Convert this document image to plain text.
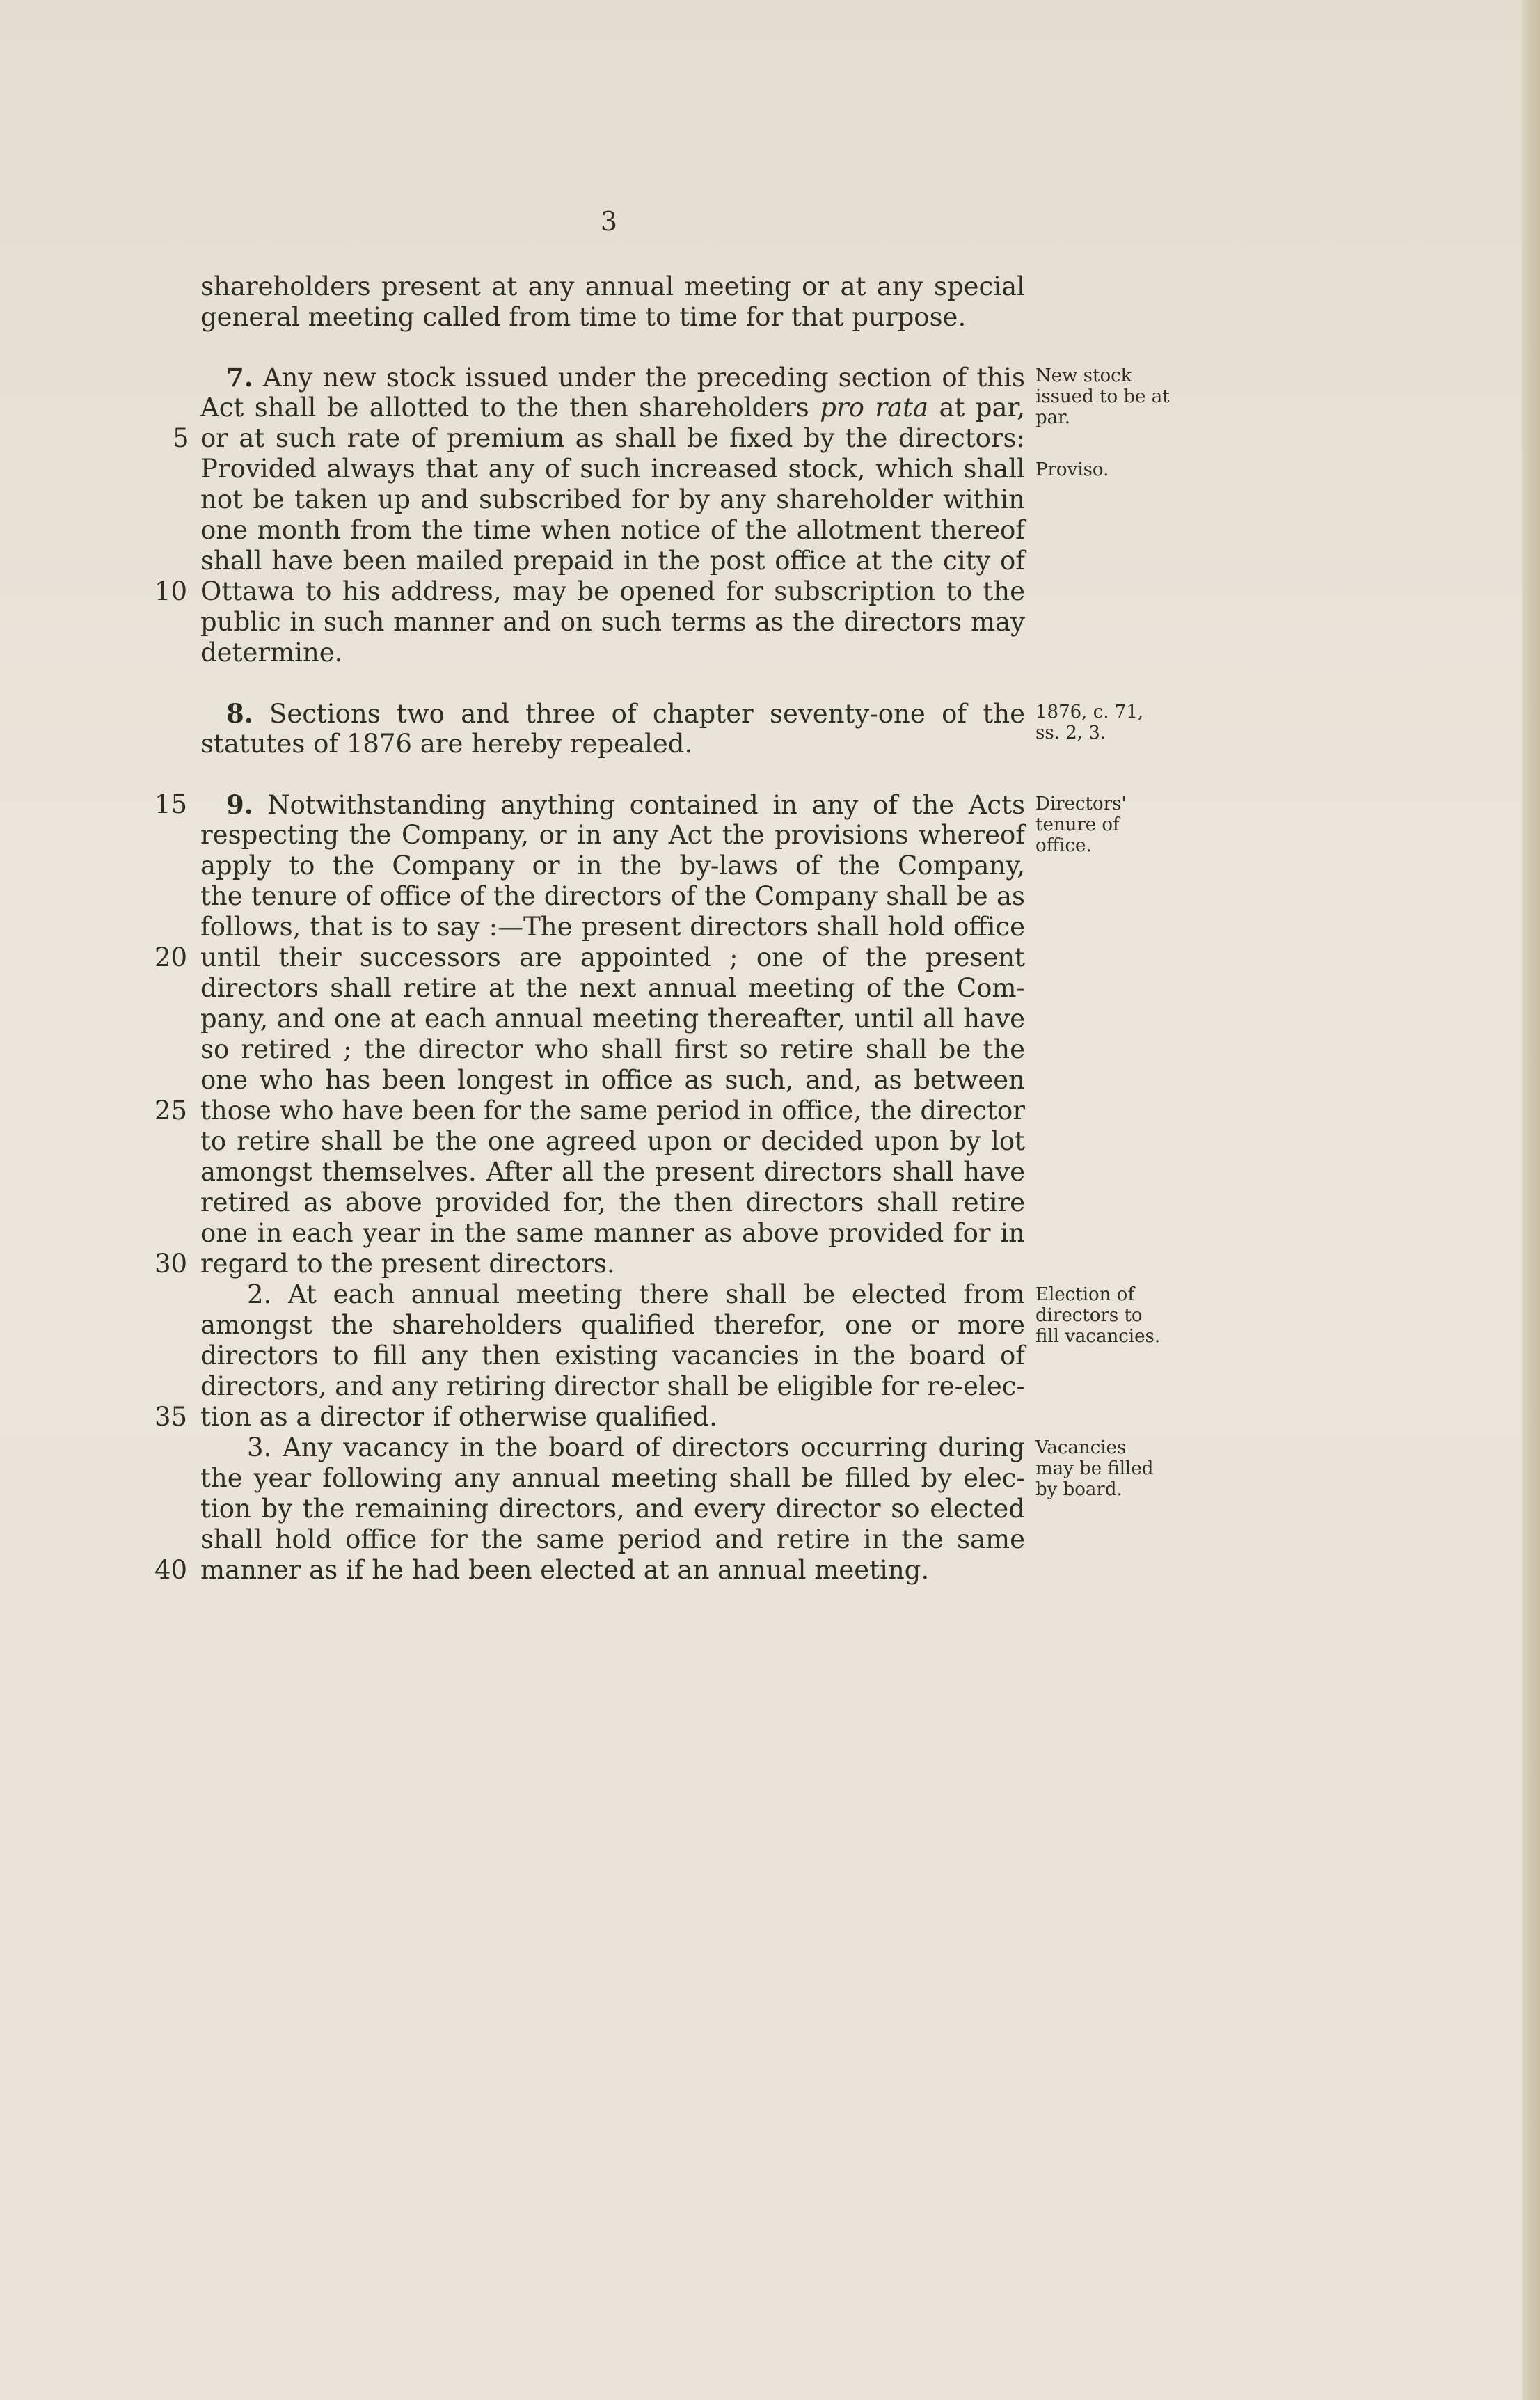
3
shareholders present at any annual meeting or at any special
general meeting called from time to time for that purpose.
7. Any new stock issued under the preceding section of this
Act shall be allotted to the then shareholders pro rata at par,
or at such rate of premium as shall be fixed by the directors:
Provided always that any of such increased stock, which shall
not be taken up and subscribed for by any shareholder within
one month from the time when notice of the allotment thereof
shall have been mailed prepaid in the post office at the city of
Ottawa to his address, may be opened for subscription to the
public in such manner and on such terms as the directors may
determine.
8. Sections two and three of chapter seventy-one of the
statutes of 1876 are hereby repealed.
9. Notwithstanding anything contained in any of the Acts
respecting the Company, or in any Act the provisions whereof
apply to the Company or in the by-laws of the Company,
the tenure of office of the directors of the Company shall be as
follows, that is to say :—The present directors shall hold office
until their successors are appointed ; one of the present
directors shall retire at the next annual meeting of the Com-
pany, and one at each annual meeting thereafter, until all have
so retired ; the director who shall first so retire shall be the
one who has been longest in office as such, and, as between
those who have been for the same period in office, the director
to retire shall be the one agreed upon or decided upon by lot
amongst themselves. After all the present directors shall have
retired as above provided for, the then directors shall retire
one in each year in the same manner as above provided for in
regard to the present directors.
2. At each annual meeting there shall be elected from
amongst the shareholders qualified therefor, one or more
directors to fill any then existing vacancies in the board of
directors, and any retiring director shall be eligible for re-elec-
tion as a director if otherwise qualified.
3. Any vacancy in the board of directors occurring during
the year following any annual meeting shall be filled by elec-
tion by the remaining directors, and every director so elected
shall hold office for the same period and retire in the same
manner as if he had been elected at an annual meeting.
5
10
15
20
25
30
35
40
New stock
issued to be at
par.
Proviso.
1876, c. 71,
ss. 2, 3.
Directors'
tenure of
office.
Election of
directors to
fill vacancies.
Vacancies
may be filled
by board.
